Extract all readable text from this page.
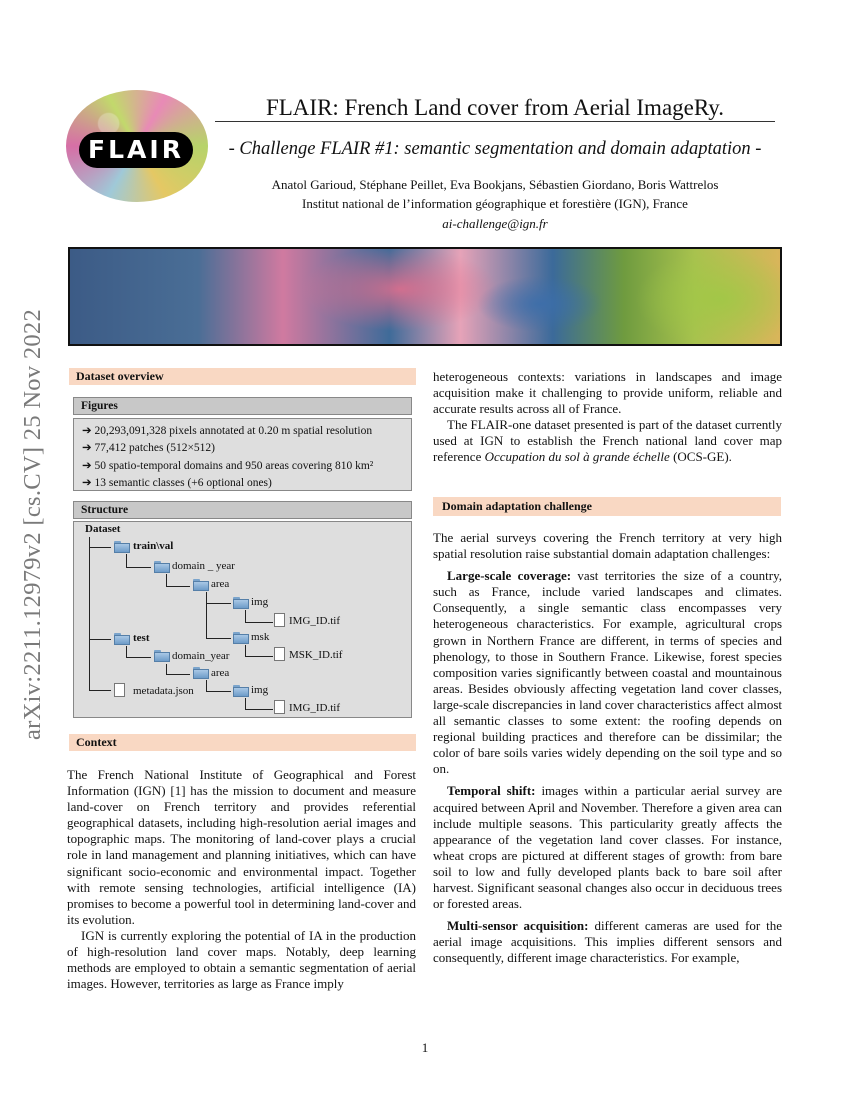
arXiv:2211.12979v2 [cs.CV] 25 Nov 2022
FLAIR
FLAIR: French Land cover from Aerial ImageRy.
- Challenge FLAIR #1: semantic segmentation and domain adaptation -
Anatol Garioud, Stéphane Peillet, Eva Bookjans, Sébastien Giordano, Boris Wattrelos
Institut national de l’information géographique et forestière (IGN), France
ai-challenge@ign.fr
Dataset overview
Figures
➔ 20,293,091,328 pixels annotated at 0.20 m spatial resolution
➔ 77,412 patches (512×512)
➔ 50 spatio-temporal domains and 950 areas covering 810 km²
➔ 13 semantic classes (+6 optional ones)
Structure
Dataset
train\val
domain _ year
area
img
IMG_ID.tif
msk
MSK_ID.tif
test
domain_year
area
img
IMG_ID.tif
metadata.json
Context

The French National Institute of Geographical and Forest Information (IGN) [1] has the mission to document and measure land-cover on French territory and provides referential geographical datasets, including high-resolution aerial images and topographic maps. The monitoring of land-cover plays a crucial role in land management and planning initiatives, which can have significant socio-economic and environmental impact. Together with remote sensing technologies, artificial intelligence (IA) promises to become a powerful tool in determining land-cover and its evolution.

IGN is currently exploring the potential of IA in the production of high-resolution land cover maps. Notably, deep learning methods are employed to obtain a semantic segmentation of aerial images. However, territories as large as France imply

heterogeneous contexts: variations in landscapes and image acquisition make it challenging to provide uniform, reliable and accurate results across all of France.

The FLAIR-one dataset presented is part of the dataset currently used at IGN to establish the French national land cover map reference Occupation du sol à grande échelle (OCS-GE).

Domain adaptation challenge

The aerial surveys covering the French territory at very high spatial resolution raise substantial domain adaptation challenges:

Large-scale coverage: vast territories the size of a country, such as France, include varied landscapes and climates. Consequently, a single semantic class encompasses very heterogeneous characteristics. For example, agricultural crops grown in Northern France are different, in terms of species and phenology, to those in Southern France. Likewise, forest species composition varies significantly between coastal and mountainous areas. Besides obviously affecting vegetation land cover classes, large-scale discrepancies in land cover characteristics affect almost all semantic classes to some extent: the roofing depends on regional building practices and therefore can be dissimilar; the color of bare soils varies widely depending on the soil type and so on.

Temporal shift: images within a particular aerial survey are acquired between April and November. Therefore a given area can include multiple seasons. This particularity greatly affects the appearance of the vegetation land cover classes. For instance, wheat crops are pictured at different stages of growth: from bare soil to low and fully developed plants back to bare soil after harvest. Significant seasonal changes also occur in deciduous trees or forested areas.

Multi-sensor acquisition: different cameras are used for the aerial image acquisitions. This implies different sensors and consequently, different image characteristics. For example,

1
